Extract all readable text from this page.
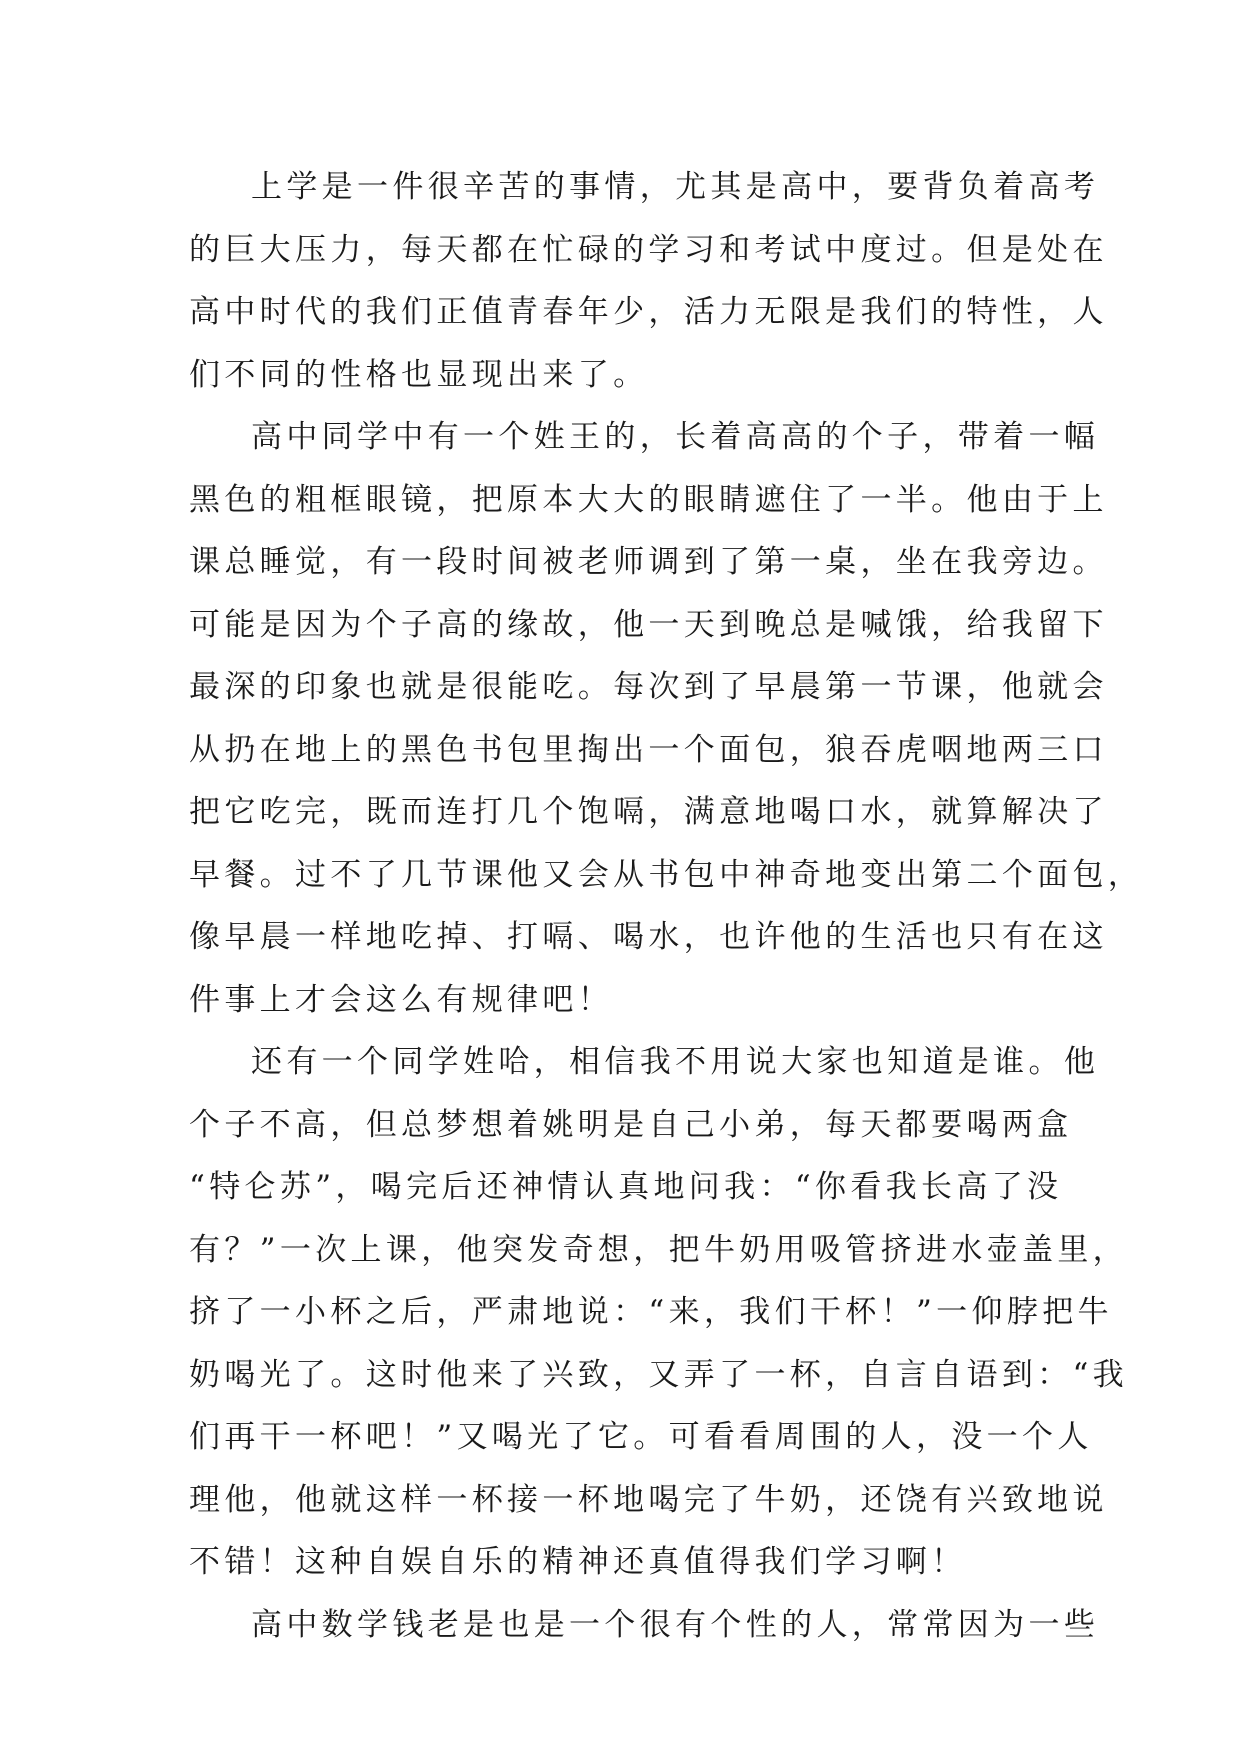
上学是一件很辛苦的事情，尤其是高中，要背负着高考
的巨大压力，每天都在忙碌的学习和考试中度过。但是处在
高中时代的我们正值青春年少，活力无限是我们的特性，人
们不同的性格也显现出来了。
高中同学中有一个姓王的，长着高高的个子，带着一幅
黑色的粗框眼镜，把原本大大的眼睛遮住了一半。他由于上
课总睡觉，有一段时间被老师调到了第一桌，坐在我旁边。
可能是因为个子高的缘故，他一天到晚总是喊饿，给我留下
最深的印象也就是很能吃。每次到了早晨第一节课，他就会
从扔在地上的黑色书包里掏出一个面包，狼吞虎咽地两三口
把它吃完，既而连打几个饱嗝，满意地喝口水，就算解决了
早餐。过不了几节课他又会从书包中神奇地变出第二个面包，
像早晨一样地吃掉、打嗝、喝水，也许他的生活也只有在这
件事上才会这么有规律吧！
还有一个同学姓哈，相信我不用说大家也知道是谁。他
个子不高，但总梦想着姚明是自己小弟，每天都要喝两盒
“特仑苏”，喝完后还神情认真地问我：“你看我长高了没
有？”一次上课，他突发奇想，把牛奶用吸管挤进水壶盖里，
挤了一小杯之后，严肃地说：“来，我们干杯！”一仰脖把牛
奶喝光了。这时他来了兴致，又弄了一杯，自言自语到：“我
们再干一杯吧！”又喝光了它。可看看周围的人，没一个人
理他，他就这样一杯接一杯地喝完了牛奶，还饶有兴致地说
不错！这种自娱自乐的精神还真值得我们学习啊！
高中数学钱老是也是一个很有个性的人，常常因为一些
